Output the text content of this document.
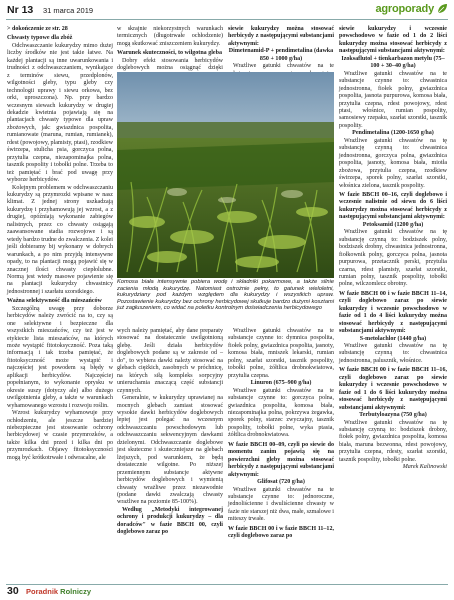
Nr 13 31 marca 2019	agroporady

> dokończenie ze str. 28

Chwasty typowe dla zbóż

Odchwaszczanie kukurydzy mimo dużej liczby środków nie jest takie łatwe. Na każdej plantacji są inne uwarunkowania i trudności z odchwaszczaniem, wynikające z terminów siewu, przedplonów, wilgotności gleby, typu gleby czy technologii uprawy i siewu orkowa, bez orki, uproszczona). Np. przy bardzo wczesnym siewach kukurydzy w drugiej dekadzie kwietnia pojawiają się na plantacjach chwasty typowe dla upraw zbożowych, jak: gwiazdnica pospolita, rumianowate (maruna, rumian, rumianek), rdest (powojowy, plamisty, ptasi), rzodkiew świrzepa, stulicha psia, gorczyca polna, przytulia czepna, niezapominajka polna, tasznik pospolity i tobołki polne. Trzeba to też pamiętać i brać pod uwagę przy wyborze herbicydów.

Kolejnym problemem w odchwaszczaniu kukurydzy są przymrozki wpisane w nasz klimat. Z jednej strony uszkadzają kukurydzę i przyhamowują jej wzrost, a z drugiej, opóźniają wykonanie zabiegów nalistnych, przez co chwasty osiągają zaawansowane stadia rozwojowe i są wtedy bardzo trudne do zwalczenia. Z kolei jeśli dobieramy bij wykonany w dobrych warunkach, a po nim przyjdą intensywne opady, to na plantacji mogą pojawić się w znacznej ilości chwasty ciepłolubne. Normą jest wtedy masowe pojawienie się na plantacji kukurydzy chwastnicy jednostronnej i szarłatu szorstkiego.

Ważna selektywność dla mieszańców

Szczególną uwagę przy doborze herbicydów należy zwrócić na to, czy są one selektywne i bezpieczne dla wszystkich mieszańców, czy też jest w etykiecie lista mieszańców, na których może wystąpić fitotoksyczność. Poza taką informacją i tak trzeba pamiętać, że fitotoksyczność może wystąpić i najczęściej jest powodem są błędy w aplikacji herbicydów. Najczęściej popełnianym, to wykonanie oprysku w okresie suszy (dotyczy ale) albo dużego uwilgotnienia gleby, a także w warunkach wyhamowanego wzrostu i rozwoju roślin.

Wzrost kukurydzy wyhamowuje przy ochłodzeniu, ale jeszcze bardziej niebezpieczne jest stosowanie ochrony herbicydowej w czasie przymrozków, a także kilka dni przed i kilka dni po przymrozkach. Objawy fitotoksyczności mogą być krótkotrwałe i odwracalne, ale

w skrajnie niekorzystnych warunkach termicznych (długotrwałe ochłodzenie) mogą skutkować zniszczeniem kukurydzy.

Warunek skuteczności, to wilgotna gleba

Dobry efekt stosowania herbicydów doglebowych można osiągnąć dzięki

siewie kukurydzy można stosować herbicydy z następującymi substancjami aktywnymi:

Dimetenamid-P + pendimetalina (dawka 850 + 1000 g/ha)

Wrażliwe gatunki chwastów na te

Komosa biała intensywnie pobiera wodę i składniki pokarmowe, a także silnie zacienia młodą kukurydzę. Natomiast ostrożnie pełny, to gatunek wieloletni, kukurydziany pod każdym względem dla kukurydzy i wszystkich upraw. Pozostawienie kukurydzy bez ochrony herbicydowej skutkuje bardzo dużymi kosztami już zagłuszeniem, co widać na poletku kontrolnym doświadczenia herbicydowego

wych należy pamiętać, aby dane preparaty stosować na dostatecznie uwilgotnioną glebę. Jeśli działa herbicydów doglebowych podane są w zakresie od – do", to wybiera dawki należy stosować na glebach ciężkich, zasobnych w próchnicę, na których siłą kompleks sorpcyjny unieruchamia znaczącą część substancji czynnych.

Generalnie, w kukurydzy uprawianej na mocnych glebach zamiast stosować wysokie dawki herbicydów doglebowych lepiej jest polegać na wczesnym odchwaszczaniu powschodowym lub odchwaszczaniu sekwencyjnym dawkami dzielonymi. Odchwaszczanie doglebowe jest skuteczne i skuteczniejsze na glebach lżejszych, pod warunkiem, że będą dostatecznie wilgotne. Po niższej przemiennym substancje aktywne herbicydów doglebowych i wymienią chwasty wrażliwe przez niezawodnie (podane dawki zwalczają chwasty wrażliwe na poziomie 85-100%).

Według „Metodyki integrowanej ochrony i produkcji kukurydzy – dla doradców" w fazie BBCH 00, czyli doglebowo zaraz po

Wrażliwe gatunki chwastów na te substancje czynne to: dymnica pospolita, fiołek polny, gwiazdnica pospolita, jasnoty, komosa biała, mniszek lekarski, rumian polny, szarłat szorstki, tasznik pospolity, tobołki polne, żółtlica drobnokwiatowa, przytulia czepna.

Linuron (675–900 g/ha)

Wrażliwe gatunki chwastów na te substancje czynne to: gorczyca polna, gwiazdnica pospolita, komosa biała, niezapominajka polna, pokrzywa żegawka, sporek polny, starzec zwyczajny, tasznik pospolity, tobołki polne, wyka ptasia, żółtlica drobnokwiatowa.

W fazie BBCH 00–09, czyli po siewie do momentu zanim pojawią się na powierzchni gleby można stosować herbicydy z następującymi substancjami aktywnymi:

Glifosat (720 g/ha)

Wrażliwe gatunki chwastów na te substancje czynne to: jednoroczne, jednoliścienne i dwuliścienne chwasty w fazie nie starszej niż dwa, małe, szmalowe i miteszy trwałe.

W fazie BBCH 00 i w fazie BBCH 11–12, czyli doglebowo zaraz po

siewie kukurydzy i wczesnie powschodowo w fazie od 1 do 2 liści kukurydzy można stosować herbicydy z następującymi substancjami aktywnymi:

Izoksaflutol + tienkarbazon metylu (75–100 + 30–40 g/ha)

Wrażliwe gatunki chwastów na te substancje czynne to: chwastnica jednostronna, fiołek polny, gwiazdnica pospolita, jasnota purpurowa, komosa biała, przytulia czepna, rdest powojowy, rdest ptasi, włośnice, rumian pospolity, samosiewy rzepaku, szarłat szorstki, tasznik pospolity.

Pendimetalina (1200-1650 g/ha)

Wrażliwe gatunki chwastów na tę substancję czynną to: chwastnica jednostronna, gorczyca polna, gwiazdnica pospolita, jasnoty, komosa biała, miotła zbożowa, przytulia czepna, rzodkiew świrzepa, sporek polny, szarłat szorstki, włośnica zielona, tasznik pospolity.

W fazie BBCH 00–16, czyli doglebowo i wczesnie nalistnie od siewu do 6 liści kukurydzy można stosować herbicydy z następującymi substancjami aktywnymi:

Petoksamid (1200 g/ha)

Wrażliwe gatunki chwastów na tę substancję czynną to: bodziszek polny, bodziszek drobny, chwastnica jednostronna, fiołkownik polny, gorczyca polna, jasnota purpurowa, przetacznik perski, przytulia czarna, rdest plamisty, szarłat szorstki, rumian polny, tasznik pospolity, tobołki polne, wilczomlecz obrotny.

W fazie BBCH 00 i w fazie BBCH 11–14, czyli doglebowo zaraz po siewie kukurydzy i wczesnie powschodowo w fazie od 1 do 4 liści kukurydzy można stosować herbicydy z następującymi substancjami aktywnymi:

S-metolachlor (1440 g/ha)

Wrażliwe gatunki chwastów na tę substancję czynną to: chwastnica jednostronna, palusznik, włośnice.

W fazie BBCH 00 i w fazie BBCH 11–16, czyli doglebowo zaraz po siewie kukurydzy i wczesnie powschodowo w fazie od 1 do 6 liści kukurydzy można stosować herbicydy z następującymi substancjami aktywnymi:

Terbutyloazyna (750 g/ha)

Wrażliwe gatunki chwastów na tę substancję czynną to: bodziszek drobny, fiołek polny, gwiazdnica pospolita, komosa biała, maruna bezwonna, rdest powojowy, przytulia czepna, rdesty, szarłat szorstki, tasznik pospolity, tobołki polne.

Marek Kalinowski

30 Poradnik Rolniczy
